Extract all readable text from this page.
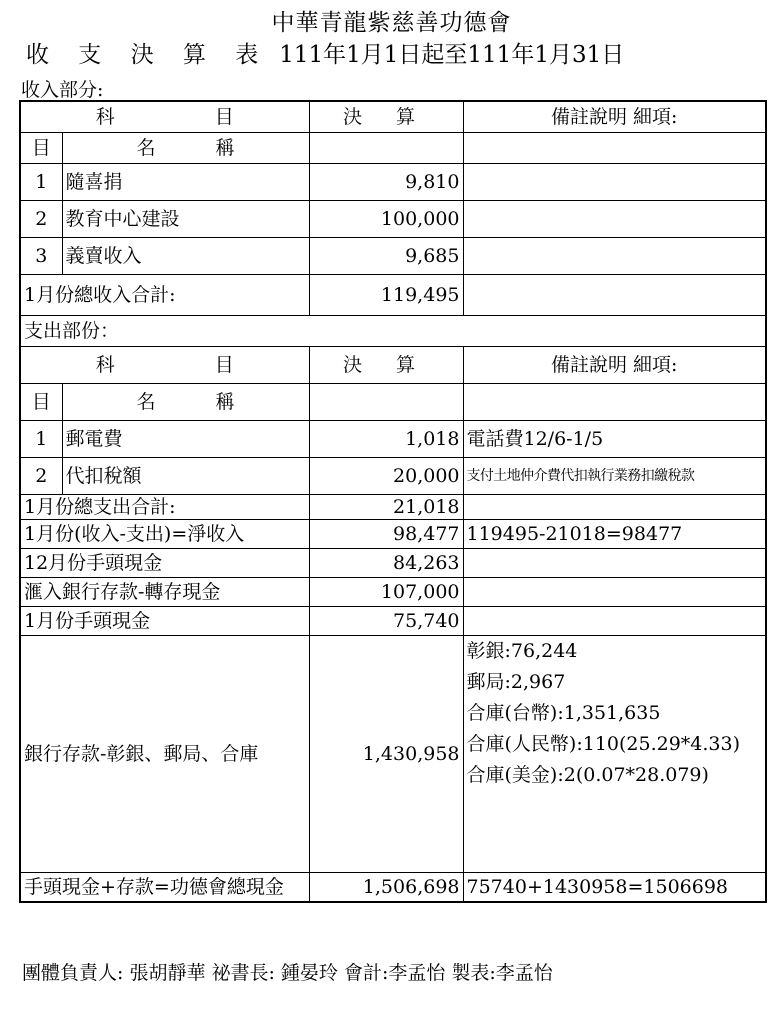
中華青龍紫慈善功德會
收 支 決 算 表 111年1月1日起至111年1月31日
收入部分:
科 目		決 算	備註說明 細項:
目	名 稱		
1	隨喜捐	9,810	
2	教育中心建設	100,000	
3	義賣收入	9,685	
1月份總收入合計:		119,495	
支出部份：			
科 目		決 算	備註說明 細項:
目	名 稱		
1	郵電費	1,018	電話費12/6-1/5
2	代扣稅額	20,000	支付土地仲介費代扣執行業務扣繳稅款
1月份總支出合計:		21,018	
1月份(收入-支出)=淨收入		98,477	119495-21018=98477
12月份手頭現金		84,263	
滙入銀行存款-轉存現金		107,000	
1月份手頭現金		75,740	
銀行存款-彰銀、郵局、合庫		1,430,958	彰銀:76,244
郵局:2,967
合庫(台幣):1,351,635
合庫(人民幣):110(25.29*4.33)
合庫(美金):2(0.07*28.079)

手頭現金+存款=功德會總現金		1,506,698	75740+1430958=1506698
團體負責人: 張胡靜華 祕書長: 鍾晏玲 會計:李孟怡 製表:李孟怡
